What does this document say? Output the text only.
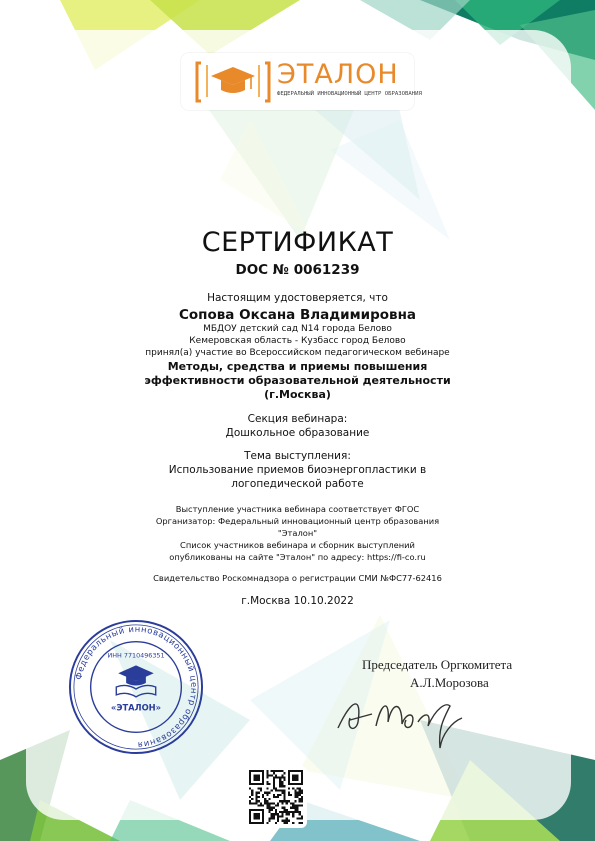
ЭТАЛОН
ФЕДЕРАЛЬНЫЙ ИННОВАЦИОННЫЙ ЦЕНТР ОБРАЗОВАНИЯ
СЕРТИФИКАТ
DOC № 0061239
Настоящим удостоверяется, что
Сопова Оксана Владимировна
МБДОУ детский сад N14 города Белово
Кемеровская область - Кузбасс город Белово
принял(а) участие во Всероссийском педагогическом вебинаре
Методы, средства и приемы повышения
эффективности образовательной деятельности
(г.Москва)
Секция вебинара:
Дошкольное образование
Тема выступления:
Использование приемов биоэнергопластики в
логопедической работе
Выступление участника вебинара соответствует ФГОС
Организатор: Федеральный инновационный центр образования
"Эталон"
Список участников вебинара и сборник выступлений
опубликованы на сайте "Эталон" по адресу: https://fi-co.ru
Свидетельство Роскомнадзора о регистрации СМИ №ФС77-62416
г.Москва 10.10.2022
Федеральный инновационный центр образования
ИНН 7710496351
«ЭТАЛОН»
Председатель Оргкомитета
А.Л.Морозова
